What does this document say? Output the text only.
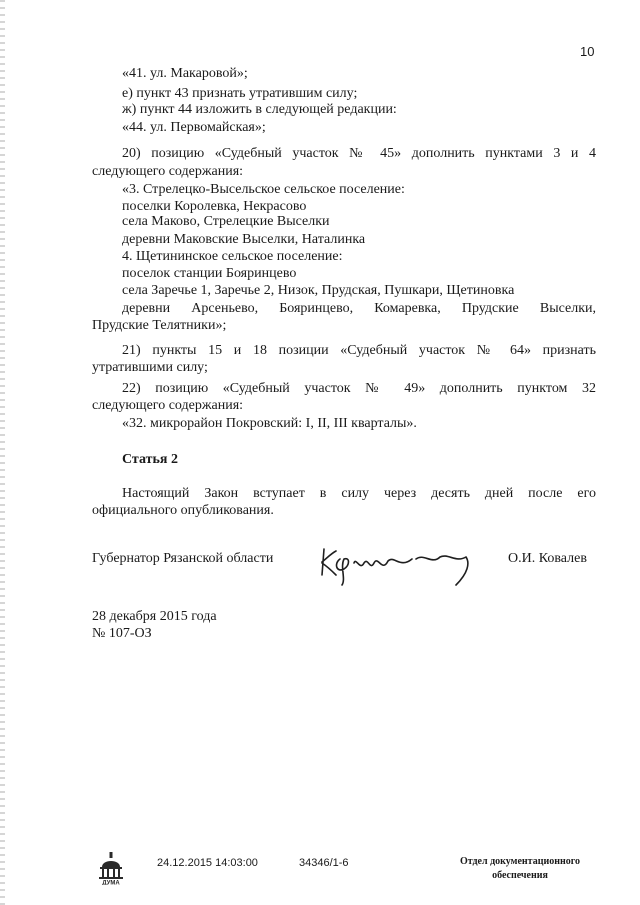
10
«41. ул. Макаровой»;
е) пункт 43 признать утратившим силу;
ж) пункт 44 изложить в следующей редакции:
«44. ул. Первомайская»;
20) позицию «Судебный участок № 45» дополнить пунктами 3 и 4
следующего содержания:
«3. Стрелецко-Высельское сельское поселение:
поселки Королевка, Некрасово
села Маково, Стрелецкие Выселки
деревни Маковские Выселки, Наталинка
4. Щетининское сельское поселение:
поселок станции Бояринцево
села Заречье 1, Заречье 2, Низок, Прудская, Пушкари, Щетиновка
деревни Арсеньево, Бояринцево, Комаревка, Прудские Выселки,
Прудские Телятники»;
21) пункты 15 и 18 позиции «Судебный участок № 64» признать
утратившими силу;
22) позицию «Судебный участок № 49» дополнить пунктом 32
следующего содержания:
«32. микрорайон Покровский: I, II, III кварталы».
Статья 2
Настоящий Закон вступает в силу через десять дней после его
официального опубликования.
Губернатор Рязанской области	О.И. Ковалев
28 декабря 2015 года
№ 107-ОЗ
ДУМА
24.12.2015 14:03:00	34346/1-6	Отдел документационного
обеспечения
